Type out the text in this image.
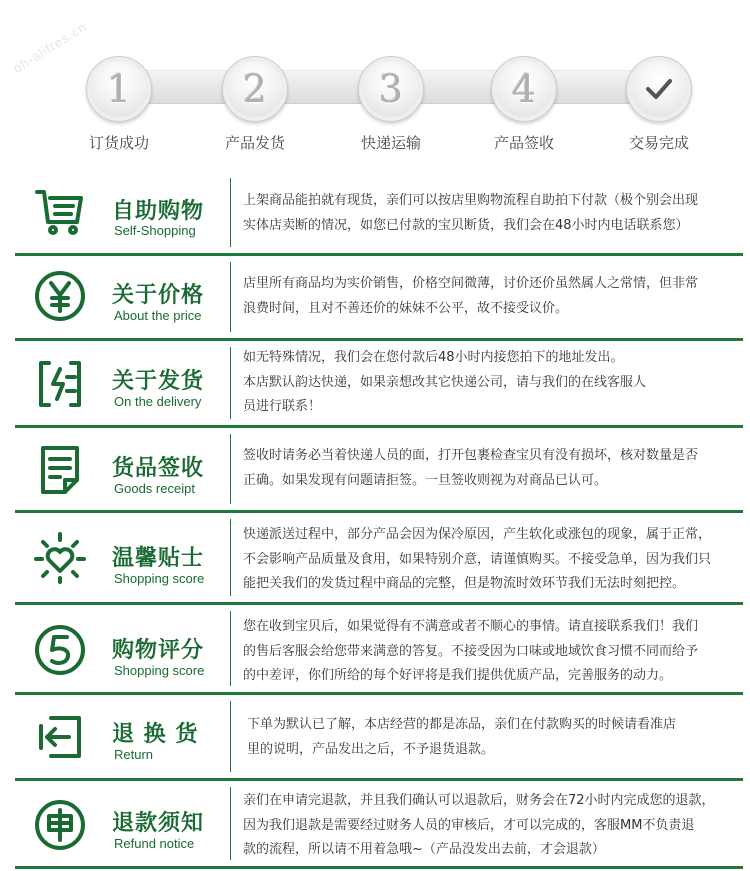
oh-alifres.cn
1
订货成功
2
产品发货
3
快递运输
4
产品签收	交易完成
自助购物
Self-Shopping
上架商品能拍就有现货，亲们可以按店里购物流程自助拍下付款（极个别会出现
实体店卖断的情况，如您已付款的宝贝断货，我们会在48小时内电话联系您）
关于价格
About the price
店里所有商品均为实价销售，价格空间微薄，讨价还价虽然属人之常情，但非常
浪费时间，且对不善还价的妹妹不公平，故不接受议价。
关于发货
On the delivery
如无特殊情况，我们会在您付款后48小时内接您拍下的地址发出。
本店默认韵达快递，如果亲想改其它快递公司，请与我们的在线客服人
员进行联系！
货品签收
Goods receipt
签收时请务必当着快递人员的面，打开包裹检查宝贝有没有损坏，核对数量是否
正确。如果发现有问题请拒签。一旦签收则视为对商品已认可。
温馨贴士
Shopping score
快递派送过程中，部分产品会因为保冷原因，产生软化或涨包的现象，属于正常，
不会影响产品质量及食用，如果特别介意，请谨慎购买。不接受急单，因为我们只
能把关我们的发货过程中商品的完整，但是物流时效环节我们无法时刻把控。
购物评分
Shopping score
您在收到宝贝后，如果觉得有不满意或者不顺心的事情。请直接联系我们！我们
的售后客服会给您带来满意的答复。不接受因为口味或地域饮食习惯不同而给予
的中差评，你们所给的每个好评将是我们提供优质产品，完善服务的动力。
退 换 货
Return
下单为默认已了解，本店经营的都是冻品，亲们在付款购买的时候请看准店
里的说明，产品发出之后，不予退货退款。
退款须知
Refund notice
亲们在申请完退款，并且我们确认可以退款后，财务会在72小时内完成您的退款，
因为我们退款是需要经过财务人员的审核后，才可以完成的，客服MM不负责退
款的流程，所以请不用着急哦~（产品没发出去前，才会退款）
